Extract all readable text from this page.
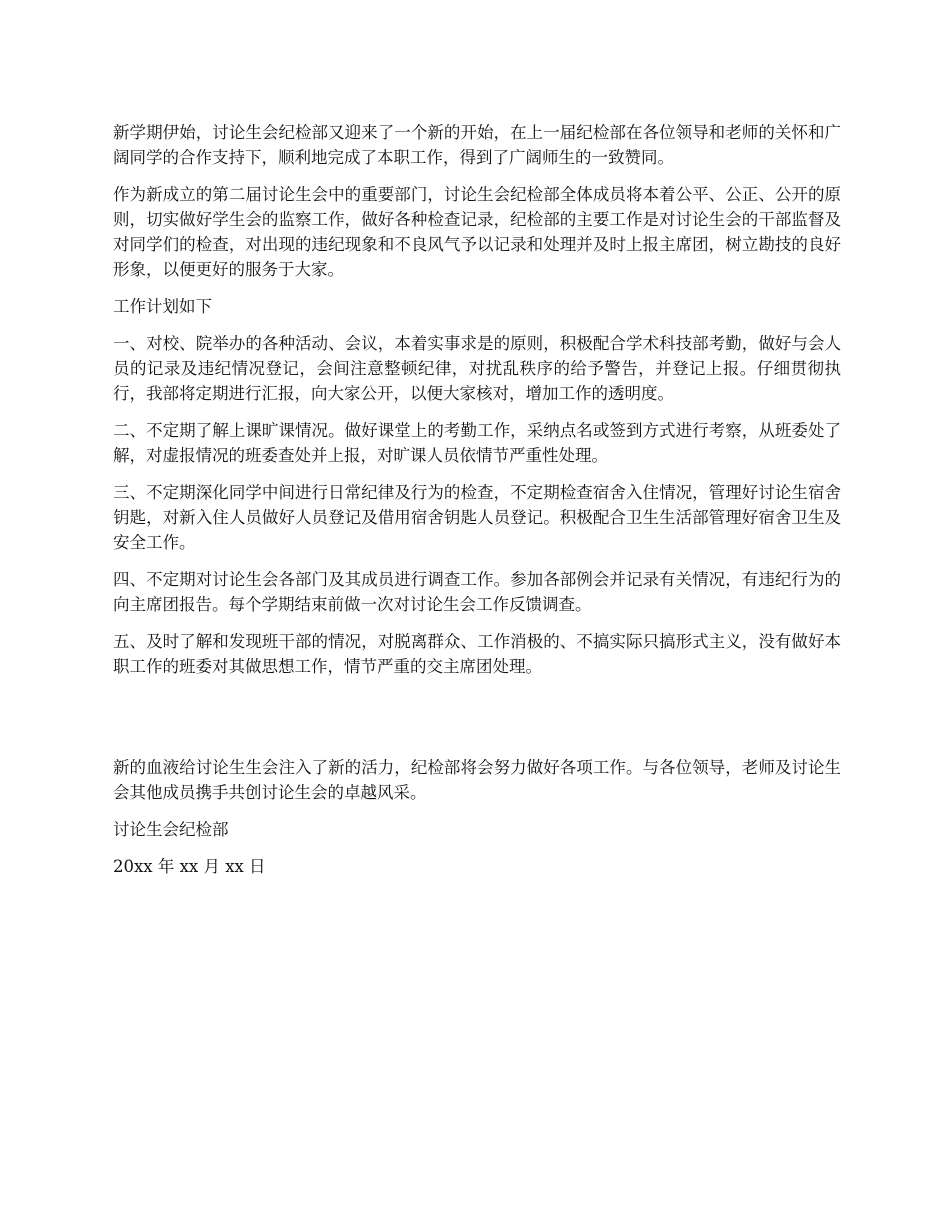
新学期伊始，讨论生会纪检部又迎来了一个新的开始，在上一届纪检部在各位领导和老师的关怀和广阔同学的合作支持下，顺利地完成了本职工作，得到了广阔师生的一致赞同。

作为新成立的第二届讨论生会中的重要部门，讨论生会纪检部全体成员将本着公平、公正、公开的原则，切实做好学生会的监察工作，做好各种检查记录，纪检部的主要工作是对讨论生会的干部监督及对同学们的检查，对出现的违纪现象和不良风气予以记录和处理并及时上报主席团，树立勘技的良好形象，以便更好的服务于大家。

工作计划如下

一、对校、院举办的各种活动、会议，本着实事求是的原则，积极配合学术科技部考勤，做好与会人员的记录及违纪情况登记，会间注意整顿纪律，对扰乱秩序的给予警告，并登记上报。仔细贯彻执行，我部将定期进行汇报，向大家公开，以便大家核对，增加工作的透明度。

二、不定期了解上课旷课情况。做好课堂上的考勤工作，采纳点名或签到方式进行考察，从班委处了解，对虚报情况的班委查处并上报，对旷课人员依情节严重性处理。

三、不定期深化同学中间进行日常纪律及行为的检查，不定期检查宿舍入住情况，管理好讨论生宿舍钥匙，对新入住人员做好人员登记及借用宿舍钥匙人员登记。积极配合卫生生活部管理好宿舍卫生及安全工作。

四、不定期对讨论生会各部门及其成员进行调查工作。参加各部例会并记录有关情况，有违纪行为的向主席团报告。每个学期结束前做一次对讨论生会工作反馈调查。

五、及时了解和发现班干部的情况，对脱离群众、工作消极的、不搞实际只搞形式主义，没有做好本职工作的班委对其做思想工作，情节严重的交主席团处理。

新的血液给讨论生生会注入了新的活力，纪检部将会努力做好各项工作。与各位领导，老师及讨论生会其他成员携手共创讨论生会的卓越风采。

讨论生会纪检部

20xx 年 xx 月 xx 日
